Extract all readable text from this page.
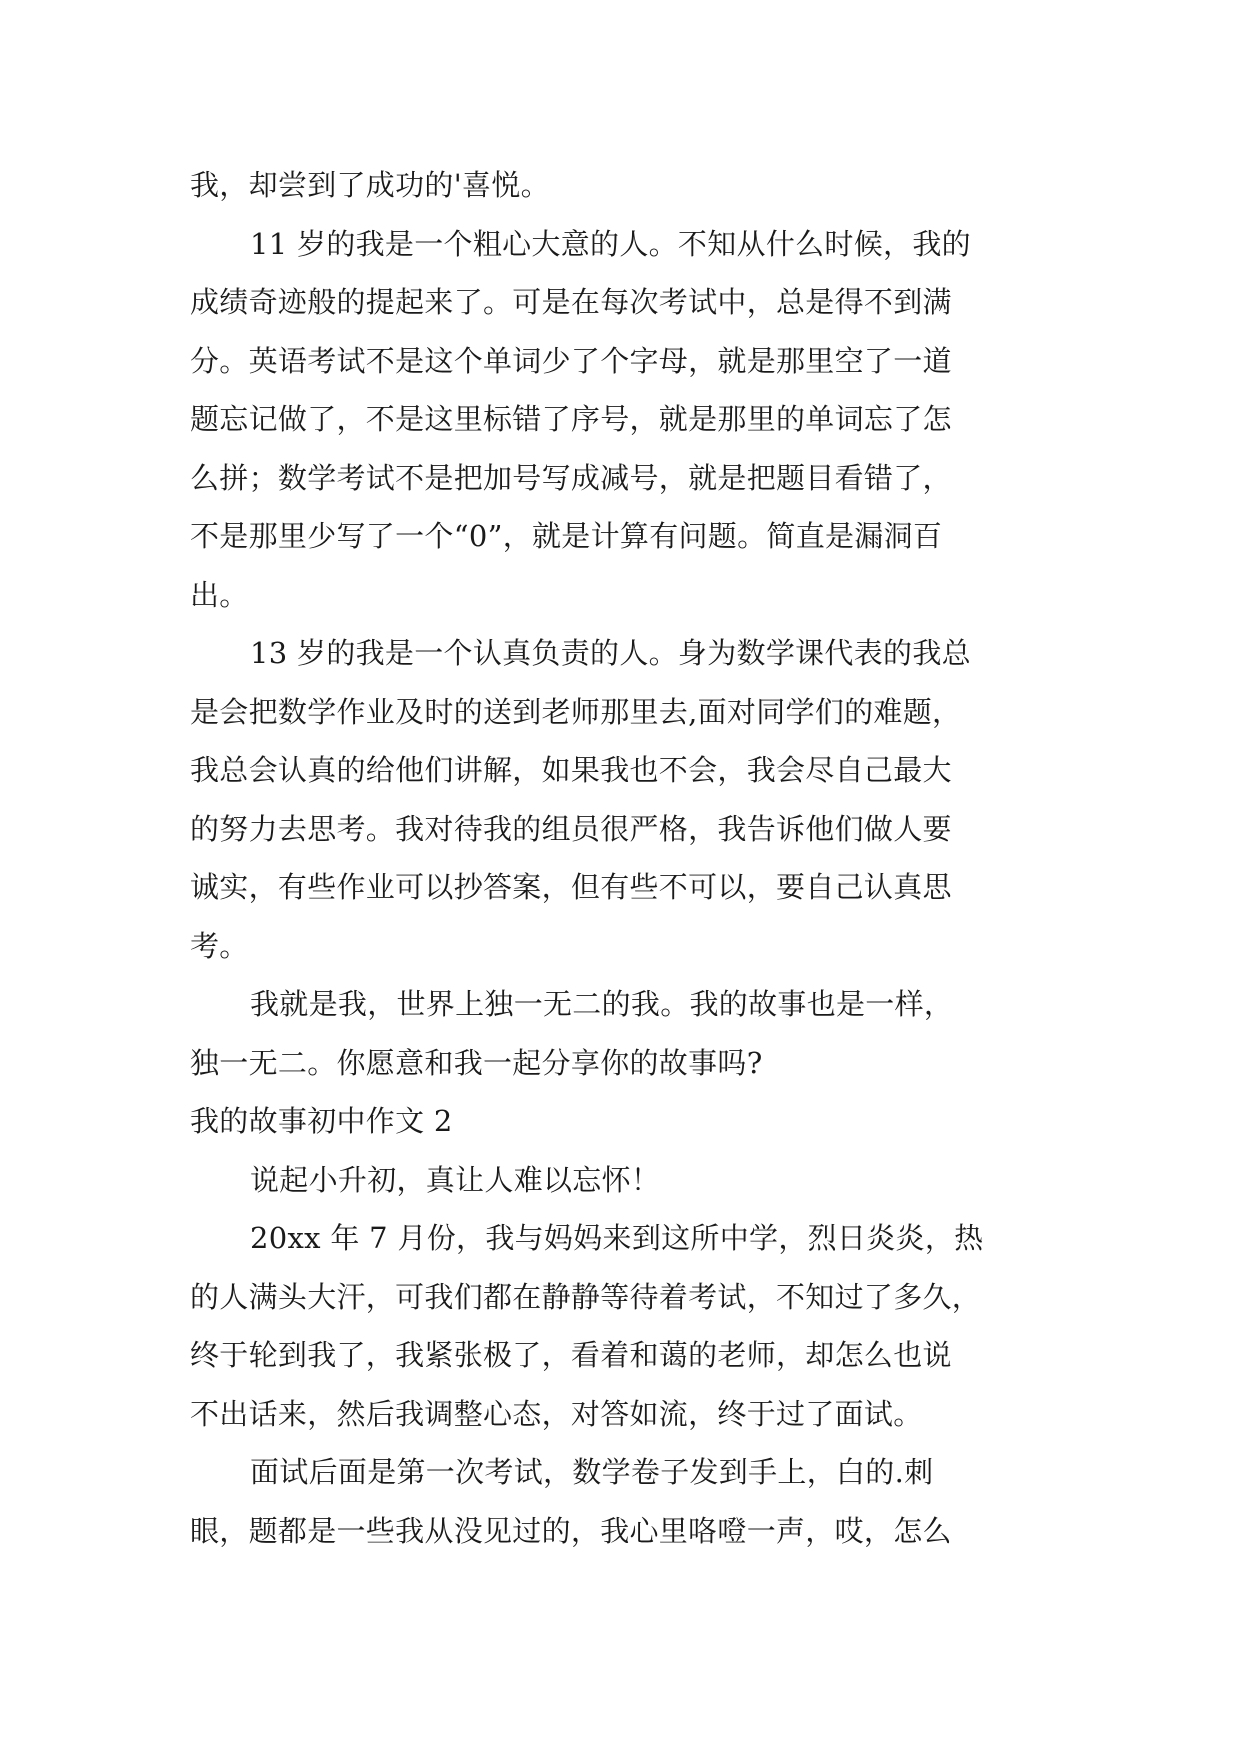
我，却尝到了成功的'喜悦。
11 岁的我是一个粗心大意的人。不知从什么时候，我的
成绩奇迹般的提起来了。可是在每次考试中，总是得不到满
分。英语考试不是这个单词少了个字母，就是那里空了一道
题忘记做了，不是这里标错了序号，就是那里的单词忘了怎
么拼；数学考试不是把加号写成减号，就是把题目看错了，
不是那里少写了一个“0”，就是计算有问题。简直是漏洞百
出。
13 岁的我是一个认真负责的人。身为数学课代表的我总
是会把数学作业及时的送到老师那里去,面对同学们的难题，
我总会认真的给他们讲解，如果我也不会，我会尽自己最大
的努力去思考。我对待我的组员很严格，我告诉他们做人要
诚实，有些作业可以抄答案，但有些不可以，要自己认真思
考。
我就是我，世界上独一无二的我。我的故事也是一样，
独一无二。你愿意和我一起分享你的故事吗?
我的故事初中作文 2
说起小升初，真让人难以忘怀！
20xx 年 7 月份，我与妈妈来到这所中学，烈日炎炎，热
的人满头大汗，可我们都在静静等待着考试，不知过了多久，
终于轮到我了，我紧张极了，看着和蔼的老师，却怎么也说
不出话来，然后我调整心态，对答如流，终于过了面试。
面试后面是第一次考试，数学卷子发到手上，白的.刺
眼，题都是一些我从没见过的，我心里咯噔一声，哎，怎么
